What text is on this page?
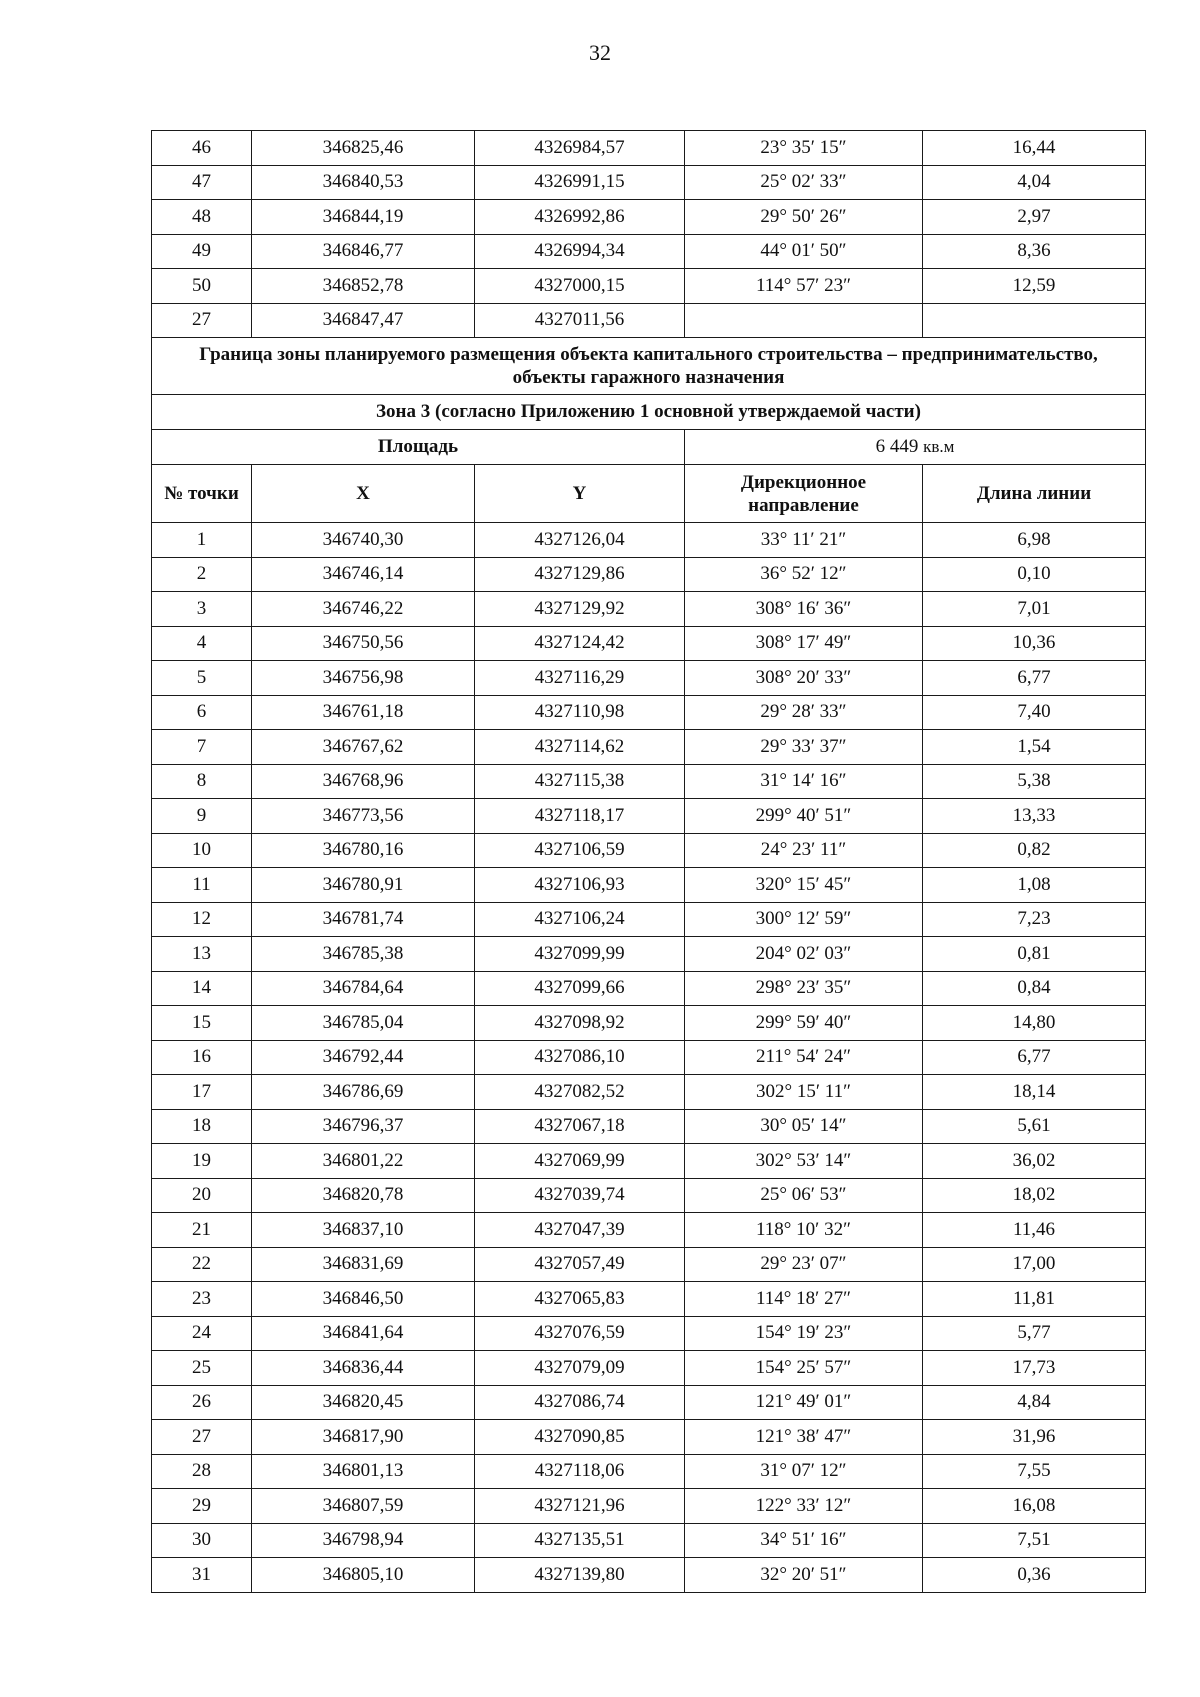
32
46	346825,46	4326984,57	23° 35′ 15″	16,44
47	346840,53	4326991,15	25° 02′ 33″	4,04
48	346844,19	4326992,86	29° 50′ 26″	2,97
49	346846,77	4326994,34	44° 01′ 50″	8,36
50	346852,78	4327000,15	114° 57′ 23″	12,59
27	346847,47	4327011,56		
Граница зоны планируемого размещения объекта капитального строительства – предпринимательство, объекты гаражного назначения				
Зона 3 (согласно Приложению 1 основной утверждаемой части)				
Площадь			6 449 кв.м	
№ точки	X	Y	Дирекционное направление	Длина линии
1	346740,30	4327126,04	33° 11′ 21″	6,98
2	346746,14	4327129,86	36° 52′ 12″	0,10
3	346746,22	4327129,92	308° 16′ 36″	7,01
4	346750,56	4327124,42	308° 17′ 49″	10,36
5	346756,98	4327116,29	308° 20′ 33″	6,77
6	346761,18	4327110,98	29° 28′ 33″	7,40
7	346767,62	4327114,62	29° 33′ 37″	1,54
8	346768,96	4327115,38	31° 14′ 16″	5,38
9	346773,56	4327118,17	299° 40′ 51″	13,33
10	346780,16	4327106,59	24° 23′ 11″	0,82
11	346780,91	4327106,93	320° 15′ 45″	1,08
12	346781,74	4327106,24	300° 12′ 59″	7,23
13	346785,38	4327099,99	204° 02′ 03″	0,81
14	346784,64	4327099,66	298° 23′ 35″	0,84
15	346785,04	4327098,92	299° 59′ 40″	14,80
16	346792,44	4327086,10	211° 54′ 24″	6,77
17	346786,69	4327082,52	302° 15′ 11″	18,14
18	346796,37	4327067,18	30° 05′ 14″	5,61
19	346801,22	4327069,99	302° 53′ 14″	36,02
20	346820,78	4327039,74	25° 06′ 53″	18,02
21	346837,10	4327047,39	118° 10′ 32″	11,46
22	346831,69	4327057,49	29° 23′ 07″	17,00
23	346846,50	4327065,83	114° 18′ 27″	11,81
24	346841,64	4327076,59	154° 19′ 23″	5,77
25	346836,44	4327079,09	154° 25′ 57″	17,73
26	346820,45	4327086,74	121° 49′ 01″	4,84
27	346817,90	4327090,85	121° 38′ 47″	31,96
28	346801,13	4327118,06	31° 07′ 12″	7,55
29	346807,59	4327121,96	122° 33′ 12″	16,08
30	346798,94	4327135,51	34° 51′ 16″	7,51
31	346805,10	4327139,80	32° 20′ 51″	0,36
